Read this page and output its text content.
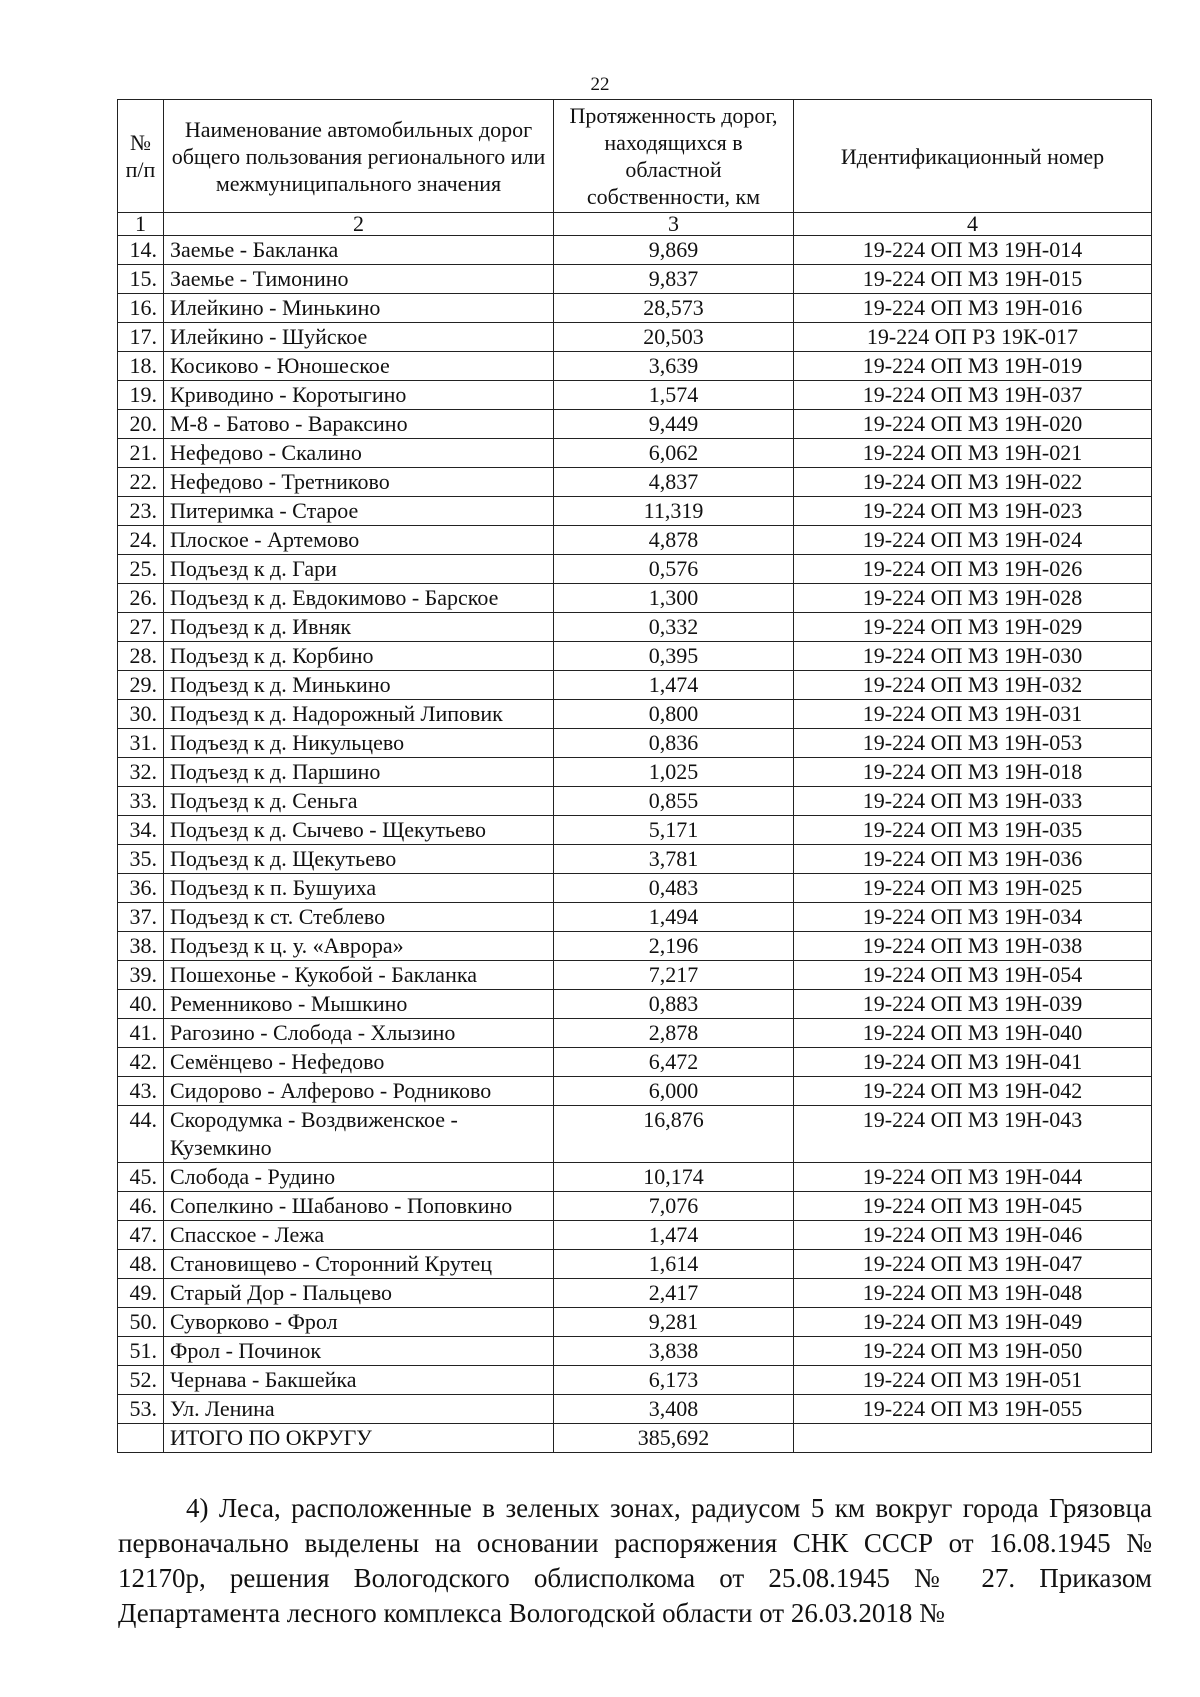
22
№ п/п	Наименование автомобильных дорог общего пользования регионального или межмуниципального значения	Протяженность дорог, находящихся в областной собственности, км	Идентификационный номер
1	2	3	4
14.	Заемье - Бакланка	9,869	19-224 ОП МЗ 19Н-014
15.	Заемье - Тимонино	9,837	19-224 ОП МЗ 19Н-015
16.	Илейкино - Минькино	28,573	19-224 ОП МЗ 19Н-016
17.	Илейкино - Шуйское	20,503	19-224 ОП РЗ 19К-017
18.	Косиково - Юношеское	3,639	19-224 ОП МЗ 19Н-019
19.	Криводино - Коротыгино	1,574	19-224 ОП МЗ 19Н-037
20.	М-8 - Батово - Вараксино	9,449	19-224 ОП МЗ 19Н-020
21.	Нефедово - Скалино	6,062	19-224 ОП МЗ 19Н-021
22.	Нефедово - Третниково	4,837	19-224 ОП МЗ 19Н-022
23.	Питеримка - Старое	11,319	19-224 ОП МЗ 19Н-023
24.	Плоское - Артемово	4,878	19-224 ОП МЗ 19Н-024
25.	Подъезд к д. Гари	0,576	19-224 ОП МЗ 19Н-026
26.	Подъезд к д. Евдокимово - Барское	1,300	19-224 ОП МЗ 19Н-028
27.	Подъезд к д. Ивняк	0,332	19-224 ОП МЗ 19Н-029
28.	Подъезд к д. Корбино	0,395	19-224 ОП МЗ 19Н-030
29.	Подъезд к д. Минькино	1,474	19-224 ОП МЗ 19Н-032
30.	Подъезд к д. Надорожный Липовик	0,800	19-224 ОП МЗ 19Н-031
31.	Подъезд к д. Никульцево	0,836	19-224 ОП МЗ 19Н-053
32.	Подъезд к д. Паршино	1,025	19-224 ОП МЗ 19Н-018
33.	Подъезд к д. Сеньга	0,855	19-224 ОП МЗ 19Н-033
34.	Подъезд к д. Сычево - Щекутьево	5,171	19-224 ОП МЗ 19Н-035
35.	Подъезд к д. Щекутьево	3,781	19-224 ОП МЗ 19Н-036
36.	Подъезд к п. Бушуиха	0,483	19-224 ОП МЗ 19Н-025
37.	Подъезд к ст. Стеблево	1,494	19-224 ОП МЗ 19Н-034
38.	Подъезд к ц. у. «Аврора»	2,196	19-224 ОП МЗ 19Н-038
39.	Пошехонье - Кукобой - Бакланка	7,217	19-224 ОП МЗ 19Н-054
40.	Ременниково - Мышкино	0,883	19-224 ОП МЗ 19Н-039
41.	Рагозино - Слобода - Хлызино	2,878	19-224 ОП МЗ 19Н-040
42.	Семёнцево - Нефедово	6,472	19-224 ОП МЗ 19Н-041
43.	Сидорово - Алферово - Родниково	6,000	19-224 ОП МЗ 19Н-042
44.	Скородумка - Воздвиженское - Куземкино	16,876	19-224 ОП МЗ 19Н-043
45.	Слобода - Рудино	10,174	19-224 ОП МЗ 19Н-044
46.	Сопелкино - Шабаново - Поповкино	7,076	19-224 ОП МЗ 19Н-045
47.	Спасское - Лежа	1,474	19-224 ОП МЗ 19Н-046
48.	Становищево - Сторонний Крутец	1,614	19-224 ОП МЗ 19Н-047
49.	Старый Дор - Пальцево	2,417	19-224 ОП МЗ 19Н-048
50.	Суворково - Фрол	9,281	19-224 ОП МЗ 19Н-049
51.	Фрол - Починок	3,838	19-224 ОП МЗ 19Н-050
52.	Чернава - Бакшейка	6,173	19-224 ОП МЗ 19Н-051
53.	Ул. Ленина	3,408	19-224 ОП МЗ 19Н-055
	ИТОГО ПО ОКРУГУ	385,692	

4) Леса, расположенные в зеленых зонах, радиусом 5 км вокруг города Грязовца первоначально выделены на основании распоряжения СНК СССР от 16.08.1945 № 12170р, решения Вологодского облисполкома от 25.08.1945 № 27. Приказом Департамента лесного комплекса Вологодской области от 26.03.2018 №
